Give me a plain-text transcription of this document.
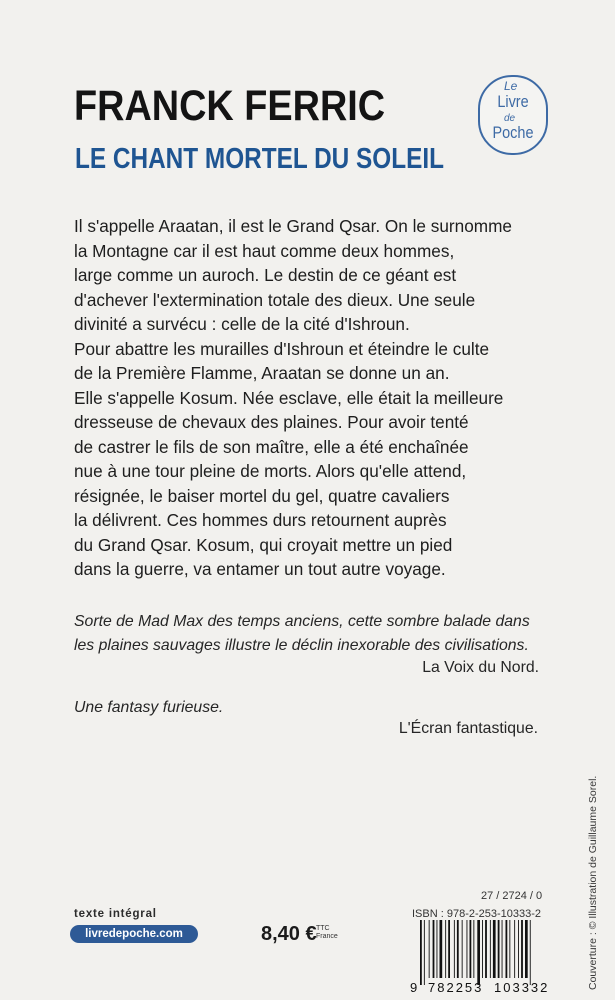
FRANCK FERRIC
LE CHANT MORTEL DU SOLEIL
Le
Livre
de
Poche
Il s'appelle Araatan, il est le Grand Qsar. On le surnomme
la Montagne car il est haut comme deux hommes,
large comme un auroch. Le destin de ce géant est
d'achever l'extermination totale des dieux. Une seule
divinité a survécu : celle de la cité d'Ishroun.
Pour abattre les murailles d'Ishroun et éteindre le culte
de la Première Flamme, Araatan se donne un an.
Elle s'appelle Kosum. Née esclave, elle était la meilleure
dresseuse de chevaux des plaines. Pour avoir tenté
de castrer le fils de son maître, elle a été enchaînée
nue à une tour pleine de morts. Alors qu'elle attend,
résignée, le baiser mortel du gel, quatre cavaliers
la délivrent. Ces hommes durs retournent auprès
du Grand Qsar. Kosum, qui croyait mettre un pied
dans la guerre, va entamer un tout autre voyage.
Sorte de Mad Max des temps anciens, cette sombre balade dans
les plaines sauvages illustre le déclin inexorable des civilisations.
La Voix du Nord.
Une fantasy furieuse.
L'Écran fantastique.
Couverture : © Illustration de Guillaume Sorel.
texte intégral
livredepoche.com	8,40 € TTC
France
27 / 2724 / 0
ISBN : 978-2-253-10333-2
9 782253 103332
